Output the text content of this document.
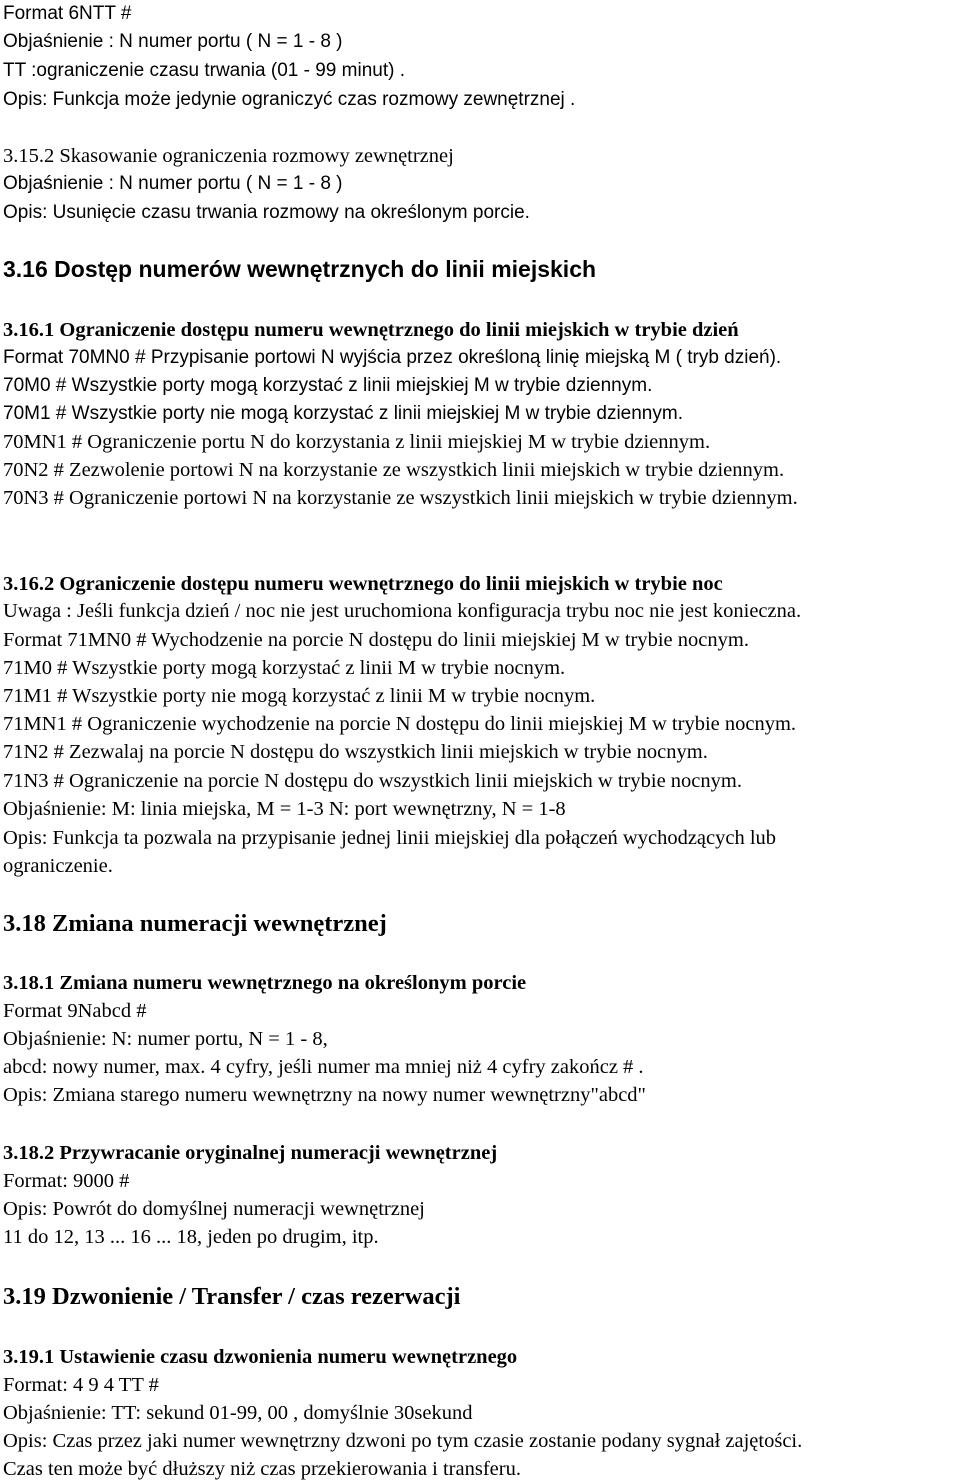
Format 6NTT #

Objaśnienie : N numer portu ( N = 1 - 8 )

TT :ograniczenie czasu trwania (01 - 99 minut) .

Opis: Funkcja może jedynie ograniczyć czas rozmowy zewnętrznej .

3.15.2 Skasowanie ograniczenia rozmowy zewnętrznej

Objaśnienie : N numer portu ( N = 1 - 8 )

Opis: Usunięcie czasu trwania rozmowy na określonym porcie.

3.16 Dostęp numerów wewnętrznych do linii miejskich

3.16.1 Ograniczenie dostępu numeru wewnętrznego do linii miejskich w trybie dzień

Format 70MN0 # Przypisanie portowi N wyjścia przez określoną linię miejską M ( tryb dzień).

70M0 # Wszystkie porty mogą korzystać z linii miejskiej M w trybie dziennym.

70M1 # Wszystkie porty nie mogą korzystać z linii miejskiej M w trybie dziennym.

70MN1 # Ograniczenie portu N do korzystania z linii miejskiej M w trybie dziennym.

70N2 # Zezwolenie portowi N na korzystanie ze wszystkich linii miejskich w trybie dziennym.

70N3 # Ograniczenie portowi N na korzystanie ze wszystkich linii miejskich w trybie dziennym.

3.16.2 Ograniczenie dostępu numeru wewnętrznego do linii miejskich w trybie noc

Uwaga : Jeśli funkcja dzień / noc nie jest uruchomiona konfiguracja trybu noc nie jest konieczna.

Format 71MN0 # Wychodzenie na porcie N dostępu do linii miejskiej M w trybie nocnym.

71M0 # Wszystkie porty mogą korzystać z linii M w trybie nocnym.

71M1 # Wszystkie porty nie mogą korzystać z linii M w trybie nocnym.

71MN1 # Ograniczenie wychodzenie na porcie N dostępu do linii miejskiej M w trybie nocnym.

71N2 # Zezwalaj na porcie N dostępu do wszystkich linii miejskich w trybie nocnym.

71N3 # Ograniczenie na porcie N dostępu do wszystkich linii miejskich w trybie nocnym.

Objaśnienie: M: linia miejska, M = 1-3 N: port wewnętrzny, N = 1-8

Opis: Funkcja ta pozwala na przypisanie jednej linii miejskiej dla połączeń wychodzących lub

ograniczenie.

3.18 Zmiana numeracji wewnętrznej

3.18.1 Zmiana numeru wewnętrznego na określonym porcie

Format 9Nabcd #

Objaśnienie: N: numer portu, N = 1 - 8,

abcd: nowy numer, max. 4 cyfry, jeśli numer ma mniej niż 4 cyfry zakończ # .

Opis: Zmiana starego numeru wewnętrzny na nowy numer wewnętrzny"abcd"

3.18.2 Przywracanie oryginalnej numeracji wewnętrznej

Format: 9000 #

Opis: Powrót do domyślnej numeracji wewnętrznej

11 do 12, 13 ... 16 ... 18, jeden po drugim, itp.

3.19 Dzwonienie / Transfer / czas rezerwacji

3.19.1 Ustawienie czasu dzwonienia numeru wewnętrznego

Format: 4 9 4 TT #

Objaśnienie: TT: sekund 01-99, 00 , domyślnie 30sekund

Opis: Czas przez jaki numer wewnętrzny dzwoni po tym czasie zostanie podany sygnał zajętości.

Czas ten może być dłuższy niż czas przekierowania i transferu.
